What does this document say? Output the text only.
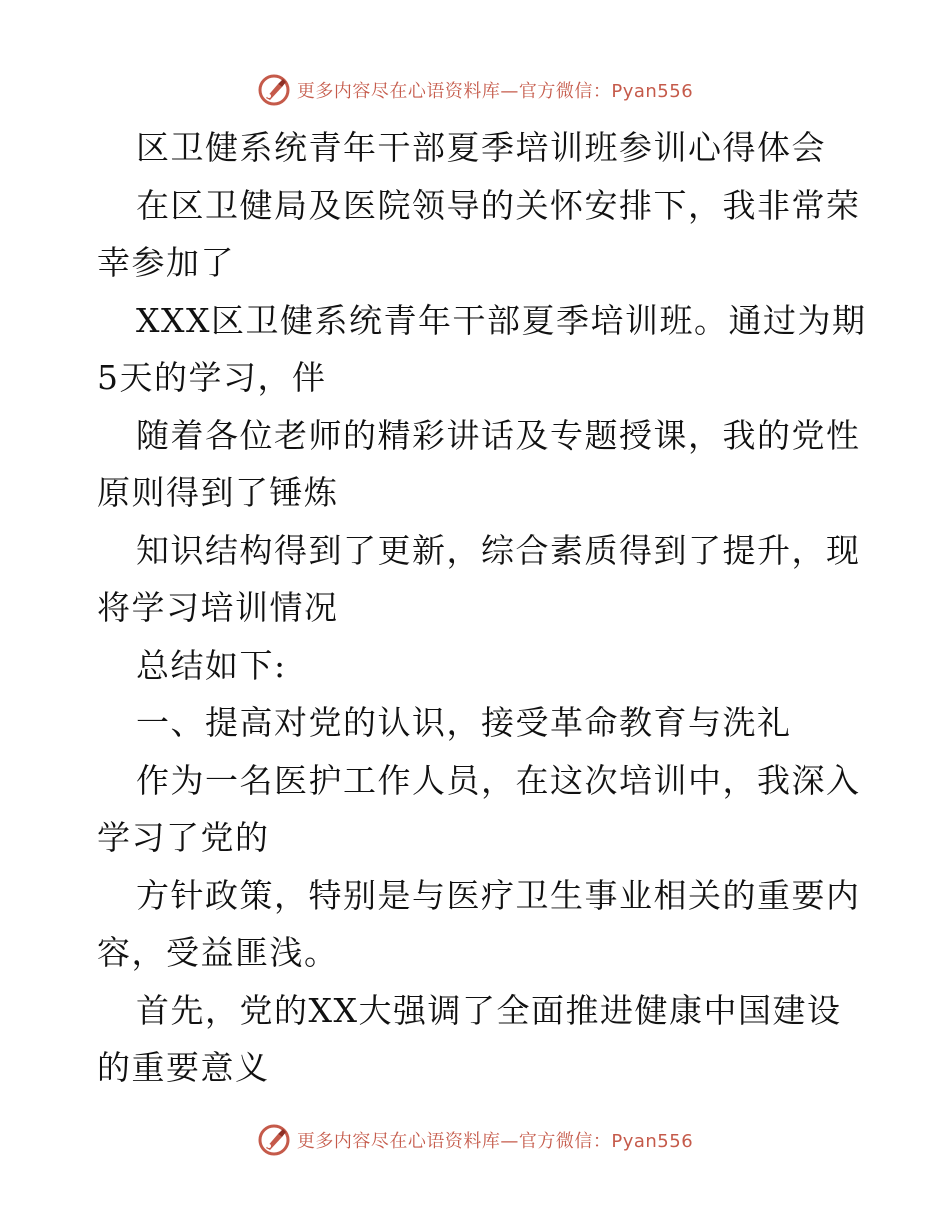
更多内容尽在心语资料库—官方微信：Pyan556
区卫健系统青年干部夏季培训班参训心得体会
在区卫健局及医院领导的关怀安排下，我非常荣
幸参加了
XXX区卫健系统青年干部夏季培训班。通过为期
5天的学习，伴
随着各位老师的精彩讲话及专题授课，我的党性
原则得到了锤炼
知识结构得到了更新，综合素质得到了提升，现
将学习培训情况
总结如下:
一、提高对党的认识，接受革命教育与洗礼
作为一名医护工作人员，在这次培训中，我深入
学习了党的
方针政策，特别是与医疗卫生事业相关的重要内
容，受益匪浅。
首先，党的XX大强调了全面推进健康中国建设
的重要意义
更多内容尽在心语资料库—官方微信：Pyan556
